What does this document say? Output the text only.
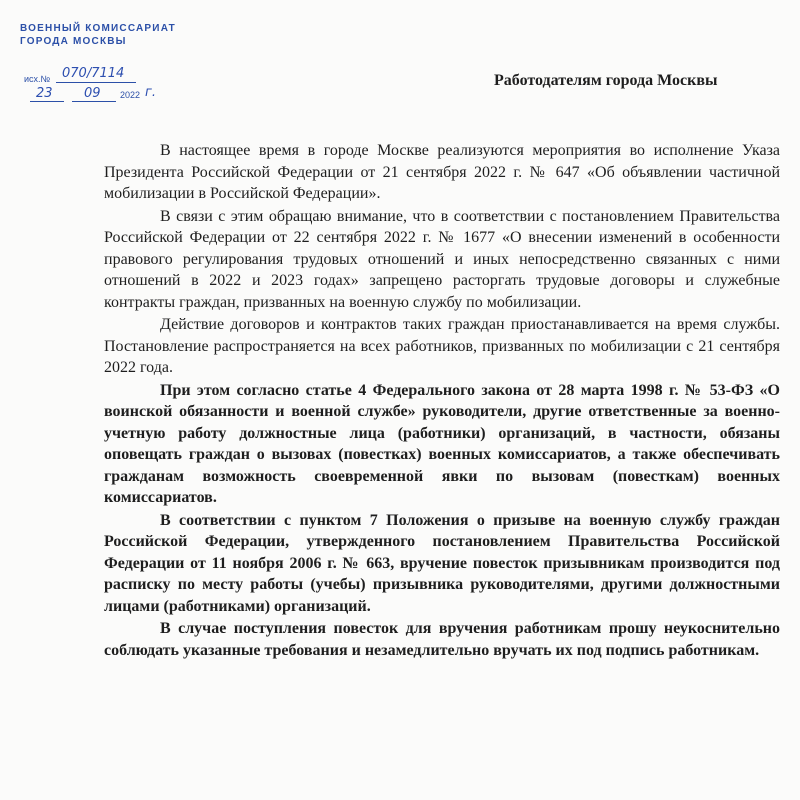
ВОЕННЫЙ КОМИССАРИАТ
ГОРОДА МОСКВЫ
исх.№ 070/7114
23 09 2022 г.
Работодателям города Москвы

В настоящее время в городе Москве реализуются мероприятия во исполнение Указа Президента Российской Федерации от 21 сентября 2022 г. № 647 «Об объявлении частичной мобилизации в Российской Федерации».

В связи с этим обращаю внимание, что в соответствии с постановлением Правительства Российской Федерации от 22 сентября 2022 г. № 1677 «О внесении изменений в особенности правового регулирования трудовых отношений и иных непосредственно связанных с ними отношений в 2022 и 2023 годах» запрещено расторгать трудовые договоры и служебные контракты граждан, призванных на военную службу по мобилизации.

Действие договоров и контрактов таких граждан приостанавливается на время службы. Постановление распространяется на всех работников, призванных по мобилизации с 21 сентября 2022 года.

При этом согласно статье 4 Федерального закона от 28 марта 1998 г. № 53-ФЗ «О воинской обязанности и военной службе» руководители, другие ответственные за военно-учетную работу должностные лица (работники) организаций, в частности, обязаны оповещать граждан о вызовах (повестках) военных комиссариатов, а также обеспечивать гражданам возможность своевременной явки по вызовам (повесткам) военных комиссариатов.

В соответствии с пунктом 7 Положения о призыве на военную службу граждан Российской Федерации, утвержденного постановлением Правительства Российской Федерации от 11 ноября 2006 г. № 663, вручение повесток призывникам производится под расписку по месту работы (учебы) призывника руководителями, другими должностными лицами (работниками) организаций.

В случае поступления повесток для вручения работникам прошу неукоснительно соблюдать указанные требования и незамедлительно вручать их под подпись работникам.
